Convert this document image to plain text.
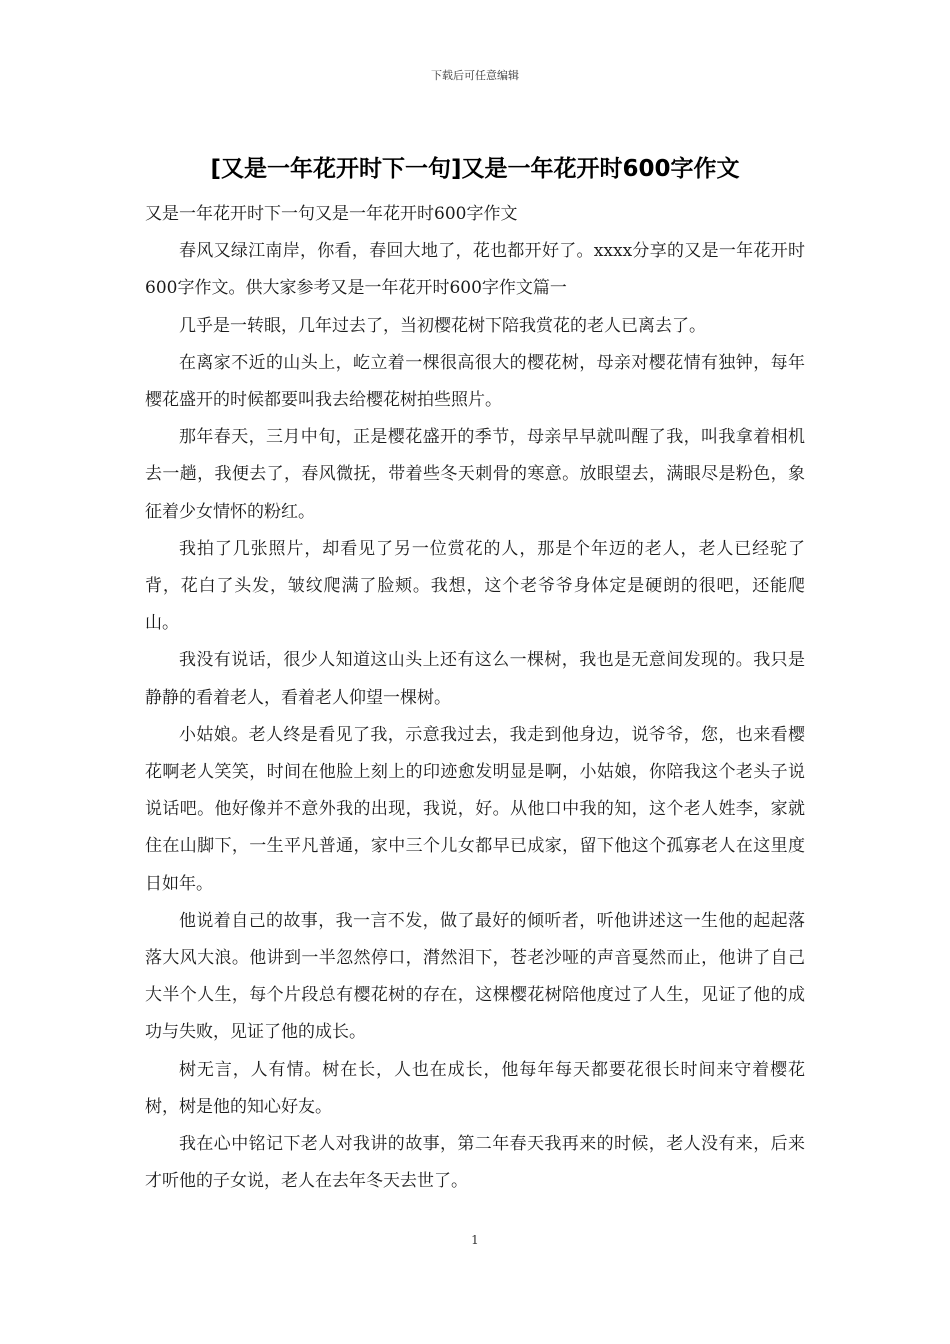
下载后可任意编辑
[又是一年花开时下一句]又是一年花开时600字作文

又是一年花开时下一句又是一年花开时600字作文

春风又绿江南岸，你看，春回大地了，花也都开好了。xxxx分享的又是一年花开时600字作文。供大家参考又是一年花开时600字作文篇一

几乎是一转眼，几年过去了，当初樱花树下陪我赏花的老人已离去了。

在离家不近的山头上，屹立着一棵很高很大的樱花树，母亲对樱花情有独钟，每年樱花盛开的时候都要叫我去给樱花树拍些照片。

那年春天，三月中旬，正是樱花盛开的季节，母亲早早就叫醒了我，叫我拿着相机去一趟，我便去了，春风微抚，带着些冬天刺骨的寒意。放眼望去，满眼尽是粉色，象征着少女情怀的粉红。

我拍了几张照片，却看见了另一位赏花的人，那是个年迈的老人，老人已经驼了背，花白了头发，皱纹爬满了脸颊。我想，这个老爷爷身体定是硬朗的很吧，还能爬山。

我没有说话，很少人知道这山头上还有这么一棵树，我也是无意间发现的。我只是静静的看着老人，看着老人仰望一棵树。

小姑娘。老人终是看见了我，示意我过去，我走到他身边，说爷爷，您，也来看樱花啊老人笑笑，时间在他脸上刻上的印迹愈发明显是啊，小姑娘，你陪我这个老头子说说话吧。他好像并不意外我的出现，我说，好。从他口中我的知，这个老人姓李，家就住在山脚下，一生平凡普通，家中三个儿女都早已成家，留下他这个孤寡老人在这里度日如年。

他说着自己的故事，我一言不发，做了最好的倾听者，听他讲述这一生他的起起落落大风大浪。他讲到一半忽然停口，潸然泪下，苍老沙哑的声音戛然而止，他讲了自己大半个人生，每个片段总有樱花树的存在，这棵樱花树陪他度过了人生，见证了他的成功与失败，见证了他的成长。

树无言，人有情。树在长，人也在成长，他每年每天都要花很长时间来守着樱花树，树是他的知心好友。

我在心中铭记下老人对我讲的故事，第二年春天我再来的时候，老人没有来，后来才听他的子女说，老人在去年冬天去世了。

1
